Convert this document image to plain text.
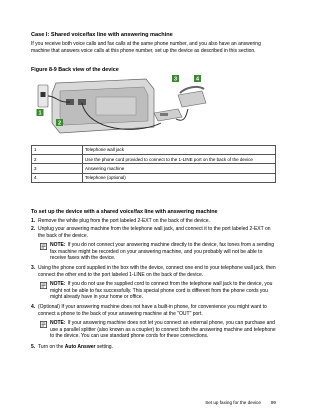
Case I: Shared voice/fax line with answering machine
If you receive both voice calls and fax calls at the same phone number, and you also have an answering machine that answers voice calls at this phone number, set up the device as described in this section.
Figure 8-9 Back view of the device
1
2
3	4
1	Telephone wall jack
2	Use the phone cord provided to connect to the 1-LINE port on the back of the device
3	Answering machine
4	Telephone (optional)
To set up the device with a shared voice/fax line with answering machine
1. Remove the white plug from the port labeled 2-EXT on the back of the device.
2. Unplug your answering machine from the telephone wall jack, and connect it to the port labeled 2-EXT on the back of the device.
NOTE: If you do not connect your answering machine directly to the device, fax tones from a sending fax machine might be recorded on your answering machine, and you probably will not be able to receive faxes with the device.
3. Using the phone cord supplied in the box with the device, connect one end to your telephone wall jack, then connect the other end to the port labeled 1-LINE on the back of the device.
NOTE: If you do not use the supplied cord to connect from the telephone wall jack to the device, you might not be able to fax successfully. This special phone cord is different from the phone cords you might already have in your home or office.
4. (Optional) If your answering machine does not have a built-in phone, for convenience you might want to connect a phone to the back of your answering machine at the "OUT" port.
NOTE: If your answering machine does not let you connect an external phone, you can purchase and use a parallel splitter (also known as a coupler) to connect both the answering machine and telephone to the device. You can use standard phone cords for these connections.
5. Turn on the Auto Answer setting.
Set up faxing for the device 99
